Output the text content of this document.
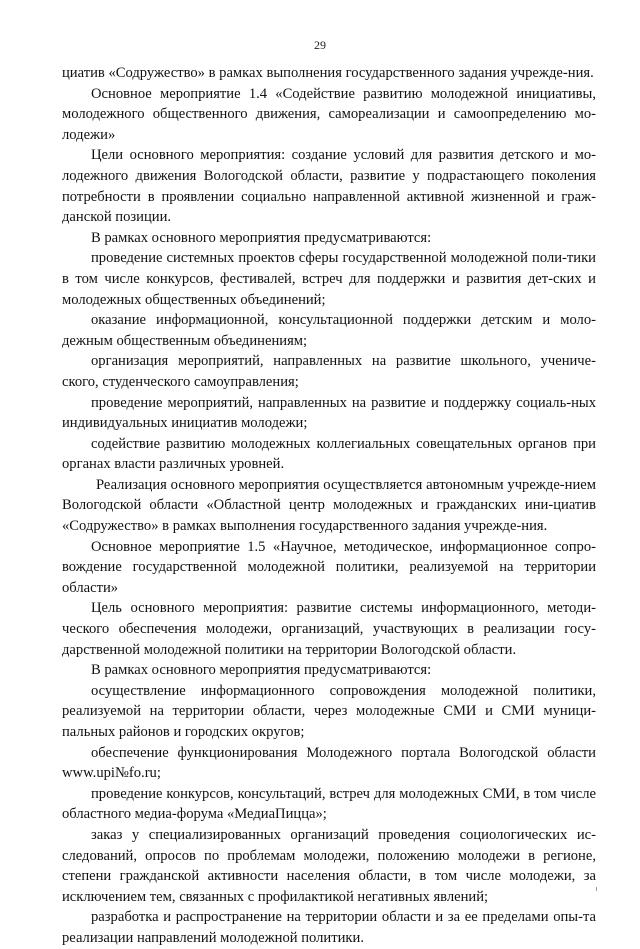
29

циатив «Содружество» в рамках выполнения государственного задания учрежде-ния.

Основное мероприятие 1.4 «Содействие развитию молодежной инициативы, молодежного общественного движения, самореализации и самоопределению мо-лодежи»

Цели основного мероприятия: создание условий для развития детского и мо-лодежного движения Вологодской области, развитие у подрастающего поколения потребности в проявлении социально направленной активной жизненной и граж-данской позиции.

В рамках основного мероприятия предусматриваются:

проведение системных проектов сферы государственной молодежной поли-тики в том числе конкурсов, фестивалей, встреч для поддержки и развития дет-ских и молодежных общественных объединений;

оказание информационной, консультационной поддержки детским и моло-дежным общественным объединениям;

организация мероприятий, направленных на развитие школьного, учениче-ского, студенческого самоуправления;

проведение мероприятий, направленных на развитие и поддержку социаль-ных индивидуальных инициатив молодежи;

содействие развитию молодежных коллегиальных совещательных органов при органах власти различных уровней.

Реализация основного мероприятия осуществляется автономным учрежде-нием Вологодской области «Областной центр молодежных и гражданских ини-циатив «Содружество» в рамках выполнения государственного задания учрежде-ния.

Основное мероприятие 1.5 «Научное, методическое, информационное сопро-вождение государственной молодежной политики, реализуемой на территории области»

Цель основного мероприятия: развитие системы информационного, методи-ческого обеспечения молодежи, организаций, участвующих в реализации госу-дарственной молодежной политики на территории Вологодской области.

В рамках основного мероприятия предусматриваются:

осуществление информационного сопровождения молодежной политики, реализуемой на территории области, через молодежные СМИ и СМИ муници-пальных районов и городских округов;

обеспечение функционирования Молодежного портала Вологодской области www.upi№fo.ru;

проведение конкурсов, консультаций, встреч для молодежных СМИ, в том числе областного медиа-форума «МедиаПицца»;

заказ у специализированных организаций проведения социологических ис-следований, опросов по проблемам молодежи, положению молодежи в регионе, степени гражданской активности населения области, в том числе молодежи, за исключением тем, связанных с профилактикой негативных явлений;

разработка и распространение на территории области и за ее пределами опы-та реализации направлений молодежной политики.
